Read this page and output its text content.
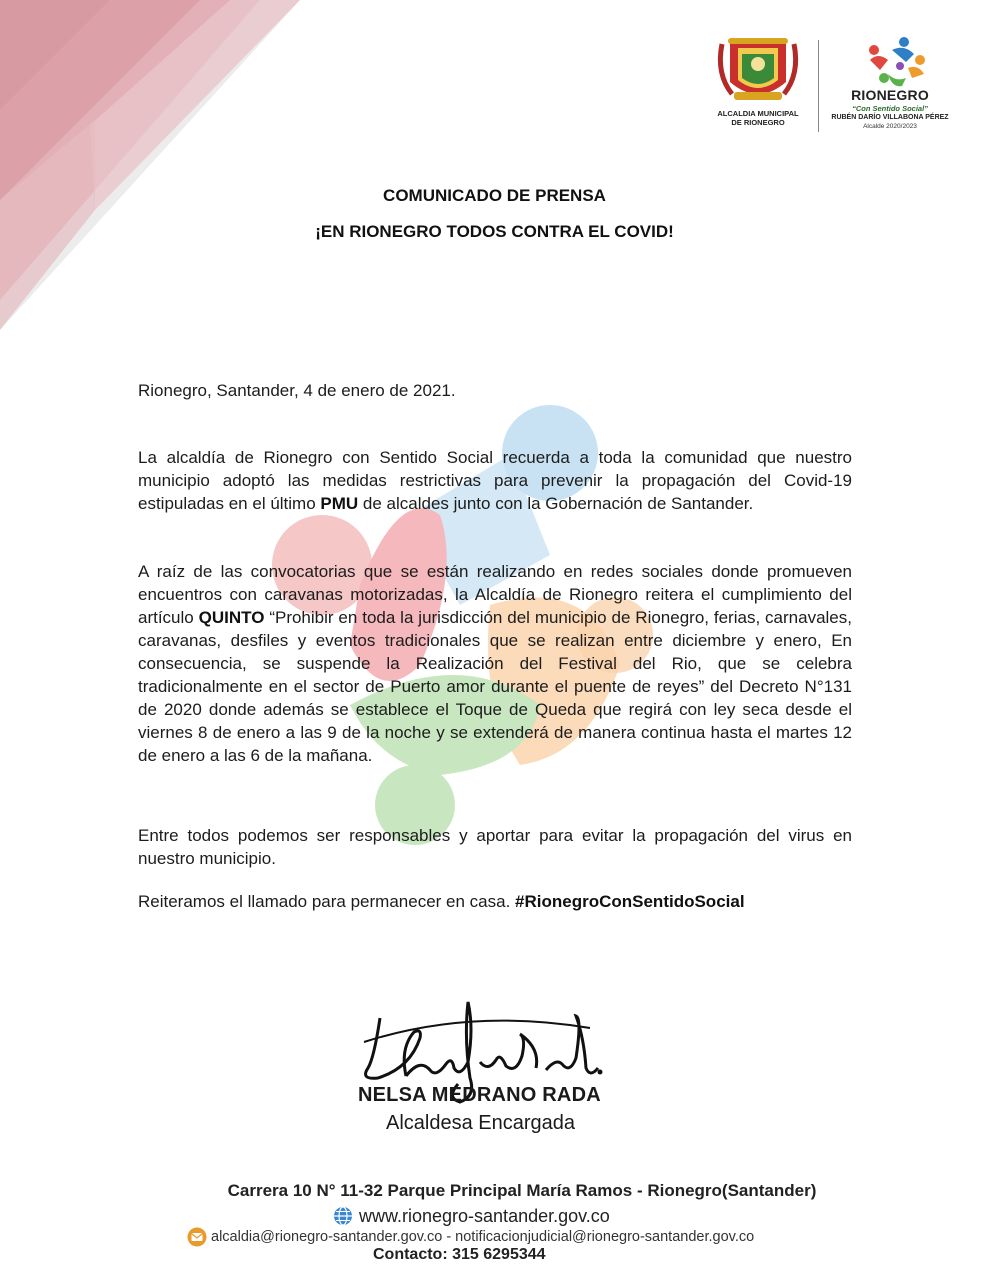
ALCALDIA MUNICIPAL
DE RIONEGRO
RIONEGRO
“Con Sentido Social”
RUBÉN DARÍO VILLABONA PÉREZ
Alcalde 2020/2023
COMUNICADO DE PRENSA
¡EN RIONEGRO TODOS CONTRA EL COVID!
Rionegro, Santander, 4 de enero de 2021.
La alcaldía de Rionegro con Sentido Social recuerda a toda la comunidad que nuestro municipio adoptó las medidas restrictivas para prevenir la propagación del Covid-19 estipuladas en el último PMU de alcaldes junto con la Gobernación de Santander.
A raíz de las convocatorias que se están realizando en redes sociales donde promueven encuentros con caravanas motorizadas, la Alcaldía de Rionegro reitera el cumplimiento del artículo QUINTO “Prohibir en toda la jurisdicción del municipio de Rionegro, ferias, carnavales, caravanas, desfiles y eventos tradicionales que se realizan entre diciembre y enero, En consecuencia, se suspende la Realización del Festival del Rio, que se celebra tradicionalmente en el sector de Puerto amor durante el puente de reyes” del Decreto N°131 de 2020 donde además se establece el Toque de Queda que regirá con ley seca desde el viernes 8 de enero a las 9 de la noche y se extenderá de manera continua hasta el martes 12 de enero a las 6 de la mañana.
Entre todos podemos ser responsables y aportar para evitar la propagación del virus en nuestro municipio.
Reiteramos el llamado para permanecer en casa. #RionegroConSentidoSocial
NELSA MEDRANO RADA
Alcaldesa Encargada
Carrera 10 N° 11-32 Parque Principal María Ramos - Rionegro(Santander)
www.rionegro-santander.gov.co
alcaldia@rionegro-santander.gov.co - notificacionjudicial@rionegro-santander.gov.co
Contacto: 315 6295344
